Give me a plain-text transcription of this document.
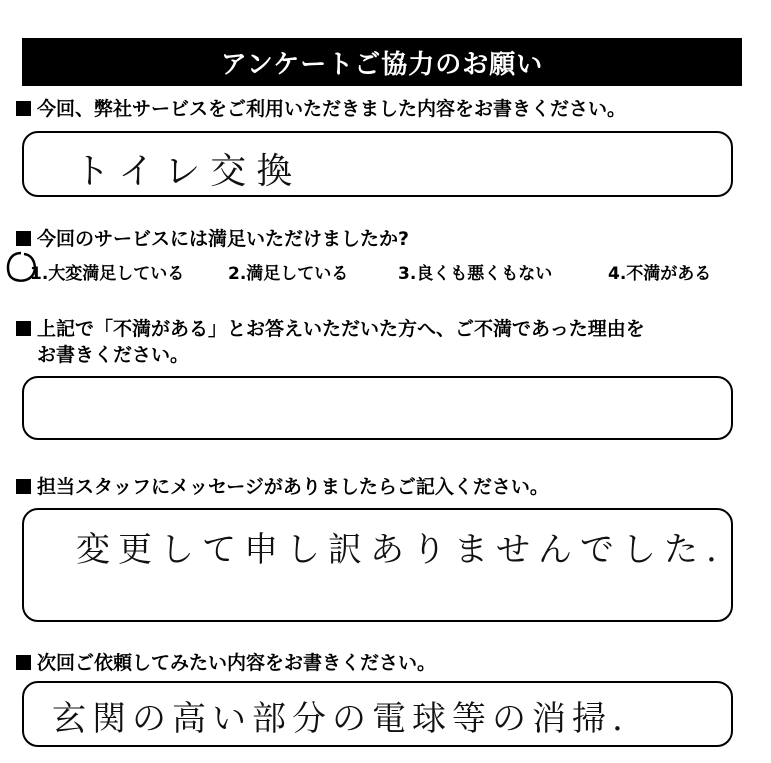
アンケートご協力のお願い
今回、弊社サービスをご利用いただきました内容をお書きください。
トイレ交換
今回のサービスには満足いただけましたか?
1.大変満足している	2.満足している	3.良くも悪くもない	4.不満がある
上記で「不満がある」とお答えいただいた方へ、ご不満であった理由を
お書きください。
担当スタッフにメッセージがありましたらご記入ください。
変更して申し訳ありませんでした.
次回ご依頼してみたい内容をお書きください。
玄関の高い部分の電球等の消掃.
